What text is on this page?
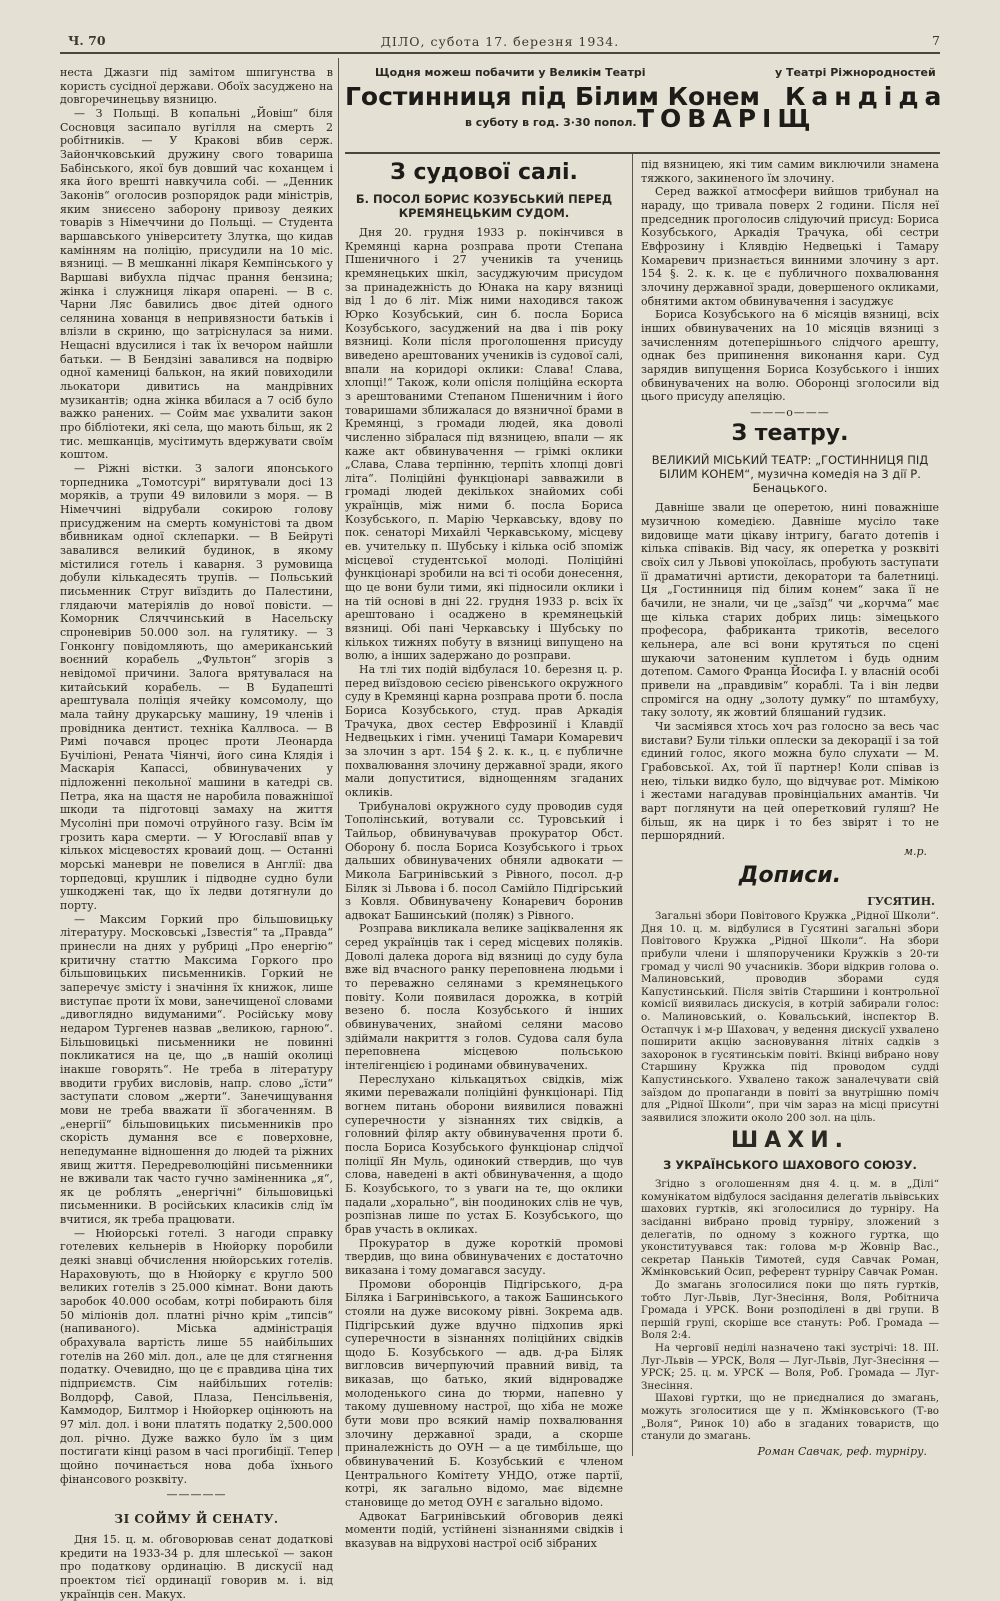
Ч. 70	ДІЛО, субота 17. березня 1934.	7

неста Джазги під замітом шпигунства в користь сусідної держави. Обоїх засуджено на довгоречинецьву вязницю.

— З Польщі. В копальні „Йовіш“ біля Сосновця засипало вугілля на смерть 2 робітників. — У Кракові вбив серж. Зайончковський дружину свого товариша Бабінського, якої був довший час коханцем і яка його врешті навкучила собі. — „Денник Законів“ оголосив розпорядок ради міністрів, яким зниєсено заборону привозу деяких товарів з Німеччини до Польщі. — Студента варшавського університету Злутка, що кидав камінням на поліцію, присудили на 10 міс. вязниці. — В мешканні лікаря Кемпінського у Варшаві вибухла підчас прання бензина; жінка і служниця лікаря опарені. — В с. Чарни Ляс бавились двоє дітей одного селянина хованця в непривязности батьків і влізли в скриню, що затріснулася за ними. Нещасні вдусилися і так їх вечором найшли батьки. — В Бендзіні завалився на подвірю одної камениці балькон, на який повиходили льокатори дивитись на мандрівних музикантів; одна жінка вбилася а 7 осіб було важко ранених. — Сойм має ухвалити закон про бібліотеки, які села, що мають більш, як 2 тис. мешканців, мусітимуть вдержувати своїм коштом.

— Ріжні вістки. З залоги японського торпедника „Томотсурі“ вирятували досі 13 моряків, а трупи 49 виловили з моря. — В Німеччині відрубали сокирою голову присудженим на смерть комуністові та двом вбивникам одної склепарки. — В Бейруті завалився великий будинок, в якому містилися готель і каварня. З румовища добули кількадесять трупів. — Польський письменник Струг виїздить до Палестини, глядаючи матеріялів до нової повісти. — Коморник Сляччинський в Насельску спроневірив 50.000 зол. на гулятику. — З Гонконгу повідомляють, що американський воєнний корабель „Фультон“ згорів з невідомої причини. Залога врятувалася на китайський корабель. — В Будапешті арештувала поліція ячейку комсомолу, що мала тайну друкарську машину, 19 членів і провідника дентист. техніка Каллвоса. — В Римі почався процес проти Леонарда Бучіліоні, Рената Чіянчі, його сина Клядія і Маскарія Капассі, обвинувачених у підложенні пекольної машини в катедрі св. Петра, яка на щастя не наробила поважнішої шкоди та підготовці замаху на життя Мусоліні при помочі отруйного газу. Всім їм грозить кара смерти. — У Югославії впав у кількох місцевостях кроваий дощ. — Останні морські маневри не повелися в Англії: два торпедовці, крушлик і підводне судно були ушкоджені так, що їх ледви дотягнули до порту.

— Максим Горкий про більшовицьку літературу. Московські „Ізвестія“ та „Правда“ принесли на днях у рубриці „Про енергію“ критичну статтю Максима Горкого про більшовицьких письменників. Горкий не заперечує змісту і значіння їх книжок, лише виступає проти їх мови, занечищеної словами „дивоглядно видуманими“. Російську мову недаром Тургенев назвав „великою, гарною“. Більшовицькі письменники не повинні покликатися на це, що „в нашій околиці інакше говорять“. Не треба в літературу вводити грубих висловів, напр. слово „їсти“ заступати словом „жерти“. Занечищування мови не треба вважати її збогаченням. В „енергії“ більшовицьких письменників про скорість думання все є поверховне, непедуманне відношення до людей та ріжних явищ життя. Передреволюційні письменники не вживали так часто гучно заміненника „я“, як це роблять „енергічні“ більшовицькі письменники. В російських класиків слід їм вчитися, як треба працювати.

— Нюйорські готелі. З нагоди справку готелевих кельнерів в Нюйорку поробили деякі знавці обчислення нюйорських готелів. Нараховують, що в Нюйорку є кругло 500 великих готелів з 25.000 кімнат. Вони дають заробок 40.000 особам, котрі побирають біля 50 міліонів дол. платні річно крім „типсів“ (напиваного). Міська адміністрація обрахувала вартість лише 55 найбільших готелів на 260 міл. дол., але це для стягнення податку. Очевидно, що це є правдива ціна тих підприємств. Сім найбільших готелів: Волдорф, Савой, Плаза, Пенсільвенія, Каммодор, Билтмор і Нюйоркер оцінюють на 97 міл. дол. і вони платять податку 2,500.000 дол. річно. Дуже важко було їм з цим постигати кінці разом в часі прогибіції. Тепер щойно починається нова доба їхнього фінансового розквіту.

—————
ЗІ СОЙМУ Й СЕНАТУ.

Дня 15. ц. м. обговорював сенат додаткові кредити на 1933-34 р. для шлеської — закон про податкову ординацію. В дискусії над проектом тієї ординації говорив м. і. від українців сен. Макух.

Щодня можеш побачити у Великім Театрі	у Театрі Ріжнородностей
Гостинниця під Білим Конем Кандіда
ТОВАРІЩ
в суботу в год. 3·30 попол.
З судової салі.
Б. ПОСОЛ БОРИС КОЗУБСЬКИЙ ПЕРЕД КРЕМЯНЕЦЬКИМ СУДОМ.

Дня 20. грудня 1933 р. покінчився в Кремянці карна розправа проти Степана Пшеничного і 27 учеників та учениць кремянецьких шкіл, засуджуючим присудом за принадежність до Юнака на кару вязниці від 1 до 6 літ. Між ними находився також Юрко Козубський, син б. посла Бориса Козубського, засуджений на два і пів року вязниці. Коли після проголошення присуду виведено арештованих учеників із судової салі, впали на коридорі оклики: Слава! Слава, хлопці!“ Також, коли опісля поліційна ескорта з арештованими Степаном Пшеничним і його товаришами зближалася до вязничної брами в Кремянці, з громади людей, яка доволі численно зібралася під вязницею, впали — як каже акт обвинувачення — грімкі оклики „Слава, Слава терпінню, терпіть хлопці довгі літа“. Поліційні функціонарі завважили в громаді людей декількох знайомих собі українців, між ними б. посла Бориса Козубського, п. Марію Черкавську, вдову по пок. сенаторі Михайлі Черкавському, місцеву ев. учительку п. Шубську і кілька осіб зпоміж місцевої студентської молоді. Поліційні функціонарі зробили на всі ті особи донесення, що це вони були тими, які підносили оклики і на тій основі в дні 22. грудня 1933 р. всіх їх арештовано і осаджено в кремянецькій вязниці. Обі пані Черкавську і Шубську по кількох тижнях побуту в вязниці випущено на волю, а інших задержано до розправи.

На тлі тих подій відбулася 10. березня ц. р. перед виїздовою сесією рівенського окружного суду в Кремянці карна розправа проти б. посла Бориса Козубського, студ. прав Аркадія Трачука, двох сестер Евфрозинії і Клавдії Недвецьких і гімн. учениці Тамари Комаревич за злочин з арт. 154 § 2. к. к., ц. є публичне похвалювання злочину державної зради, якого мали допуститися, віднощенням згаданих окликів.

Трибуналові окружного суду проводив судя Тополінський, вотували сс. Туровський і Тайльор, обвинувачував прокуратор Обст. Оборону б. посла Бориса Козубського і трьох дальших обвинувачених обняли адвокати — Микола Багринівський з Рівного, посол. д-р Біляк зі Львова і б. посол Самійло Підгірський з Ковля. Обвинувачену Конаревич боронив адвокат Башинський (поляк) з Рівного.

Розправа викликала велике заціквалення як серед українців так і серед місцевих поляків. Доволі далека дорога від вязниці до суду була вже від вчасного ранку переповнена людьми і то переважно селянами з кремянецького повіту. Коли появилася дорожка, в котрій везено б. посла Козубського й інших обвинувачених, знайомі селяни масово здіймали накриття з голов. Судова саля була переповнена місцевою польською інтелігенцією і родинами обвинувачених.

Переслухано кількацятьох свідків, між якими переважали поліційні функціонарі. Під вогнем питань оборони виявилися поважні суперечности у зізнаннях тих свідків, а головний філяр акту обвинувачення проти б. посла Бориса Козубського функціонар слідчої поліції Ян Муль, одинокий ствердив, що чув слова, наведені в акті обвинувачення, а щодо Б. Козубського, то з уваги на те, що оклики падали „хорально“, він поодиноких слів не чув, розпізнав лише по устах Б. Козубського, що брав участь в окликах.

Прокуратор в дуже короткій промові твердив, що вина обвинувачених є достаточно виказана і тому домагався засуду.

Промови оборонців Підгірського, д-ра Біляка і Багринівського, а також Башинського стояли на дуже високому рівні. Зокрема адв. Підгірський дуже вдучно підхопив яркі суперечности в зізнаннях поліційних свідків щодо Б. Козубського — адв. д-ра Біляк вигловсив вичерпуючий правний вивід, та виказав, що батько, який віднровадже молоденького сина до тюрми, напевно у такому душевному настрої, що хіба не може бути мови про всякий намір похвалювання злочину державної зради, а скорше приналежність до ОУН — а це тимбільше, що обвинувачений Б. Козубський є членом Центрального Комітету УНДО, отже партії, котрі, як загально відомо, має відємне становище до метод ОУН є загально відомо.

Адвокат Багринівський обговорив деякі моменти подій, устійнені зізнаннями свідків і вказував на відрухові настрої осіб зібраних

під вязницею, які тим самим виключили знамена тяжкого, закиненого їм злочину.

Серед важкої атмосфери вийшов трибунал на нараду, що тривала поверх 2 години. Після неї председник проголосив слідуючий присуд: Бориса Козубського, Аркадія Трачука, обі сестри Евфрозину і Клявдію Недвецькі і Тамару Комаревич признається винними злочину з арт. 154 §. 2. к. к. це є публичного похвалювання злочину державної зради, довершеного окликами, обнятими актом обвинувачення і засуджує

Бориса Козубського на 6 місяців вязниці, всіх інших обвинувачених на 10 місяців вязниці з зачисленням дотеперішнього слідчого арешту, однак без припинення виконання кари. Суд зарядив випущення Бориса Козубського і інших обвинувачених на волю. Оборонці зголосили від цього присуду апеляцію.

———о———
З театру.
ВЕЛИКИЙ МІСЬКИЙ ТЕАТР: „ГОСТИННИЦЯ ПІД БІЛИМ КОНЕМ“, музична комедія на 3 дії Р. Бенацького.

Давніше звали це оперетою, нині поважніше музичною комедією. Давніше мусіло таке видовище мати цікаву інтригу, багато дотепів і кілька співаків. Від часу, як оперетка у розквіті своїх сил у Львові упокоїлась, пробують заступати її драматичні артисти, декоратори та балетниці. Ця „Гостинниця під білим конем“ зака її не бачили, не знали, чи це „заїзд“ чи „корчма“ має ще кілька старих добрих лиць: зімецького професора, фабриканта трикотів, веселого кельнера, але всі вони крутяться по сцені шукаючи затоненим куплетом і будь одним дотепом. Самого Франца Йосифа І. у власній особі привели на „правдивім“ кораблі. Та і він ледви спромігся на одну „золоту думку“ по штамбуху, таку золоту, як жовтий бляшаний гудзик.

Чи засміявся хтось хоч раз голосно за весь час вистави? Були тільки оплески за декорації і за той єдиний голос, якого можна було слухати — М. Грабовської. Ах, той її партнер! Коли співав із нею, тільки видко було, що відчуває рот. Мімікою і жестами нагадував провінціальних амантів. Чи варт поглянути на цей оперетковий гуляш? Не більш, як на цирк і то без звірят і то не першорядний.

м.р.
Дописи.
ГУСЯТИН.

Загальні збори Повітового Кружка „Рідної Школи“. Дня 10. ц. м. відбулися в Гусятині загальні збори Повітового Кружка „Рідної Школи“. На збори прибули члени і шляпорученики Кружків з 20-ти громад у числі 90 учасників. Збори відкрив голова о. Малиновський, проводив зборами судя Капустинський. Після звітів Старшини і контрольної комісії виявилась дискусія, в котрій забирали голос: о. Малиновський, о. Ковальський, інспектор В. Остапчук і м-р Шаховач, у ведення дискусії ухвалено поширити акцію засновування літніх садків з захоронок в гусятинськім повіті. Вкінці вибрано нову Старшину Кружка під проводом судді Капустинського. Ухвалено також заналечувати свій заїздом до пропаганди в повіті за внутрішню поміч для „Рідної Школи“, при чім зараз на місці присутні заявилися зложити около 200 зол. на ціль.

ШАХИ.
З УКРАЇНСЬКОГО ШАХОВОГО СОЮЗУ.

Згідно з оголошенням дня 4. ц. м. в „Ділі“ комунікатом відбулося засідання делегатів львівських шахових гуртків, які зголосилися до турніру. На засіданні вибрано провід турніру, зложений з делегатів, по одному з кожного гуртка, що уконституувався так: голова м-р Жовнір Вас., секретар Паньків Тимотей, судя Савчак Роман, Жмінковський Осип, референт турніру Савчак Роман.

До змагань зголосилися поки що пять гуртків, тобто Луг-Львів, Луг-Знесіння, Воля, Робітнича Громада і УРСК. Вони розподілені в дві групи. В першій групі, скоріше все стануть: Роб. Громада — Воля 2:4.

На черговії неділі назначено такі зустрічі: 18. III. Луг-Львів — УРСК, Воля — Луг-Львів, Луг-Знесіння — УРСК; 25. ц. м. УРСК — Воля, Роб. Громада — Луг-Знесіння.

Шахові гуртки, що не приєдналися до змагань, можуть зголоситися ще у п. Жмінковського (Т-во „Воля“, Ринок 10) або в згаданих товариств, що станули до змагань.

Роман Савчак, реф. турніру.
